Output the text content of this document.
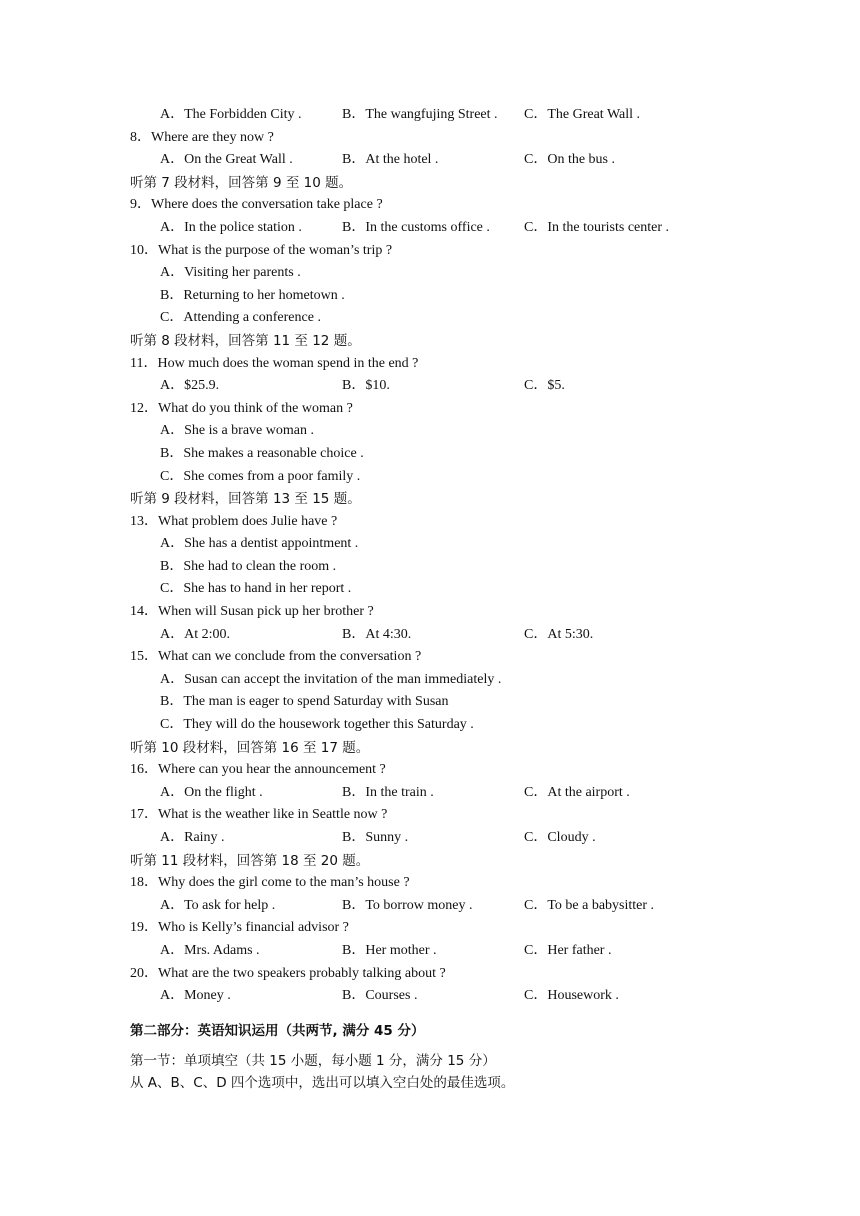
A．The Forbidden City .	B．The wangfujing Street . C．The Great Wall .
8．Where are they now ?
A．On the Great Wall .	B．At the hotel .	C．On the bus .
听第 7 段材料，回答第 9 至 10 题。
9．Where does the conversation take place ?
A．In the police station .	B．In the customs office . C．In the tourists center .
10．What is the purpose of the woman’s trip ?
A．Visiting her parents .
B．Returning to her hometown .
C．Attending a conference .
听第 8 段材料，回答第 11 至 12 题。
11．How much does the woman spend in the end ?
A．$25.9.	B．$10.	C．$5.
12．What do you think of the woman ?
A．She is a brave woman .
B．She makes a reasonable choice .
C．She comes from a poor family .
听第 9 段材料，回答第 13 至 15 题。
13．What problem does Julie have ?
A．She has a dentist appointment .
B．She had to clean the room .
C．She has to hand in her report .
14．When will Susan pick up her brother ?
A．At 2:00.	B．At 4:30.	C．At 5:30.
15．What can we conclude from the conversation ?
A．Susan can accept the invitation of the man immediately .
B．The man is eager to spend Saturday with Susan
C．They will do the housework together this Saturday .
听第 10 段材料，回答第 16 至 17 题。
16．Where can you hear the announcement ?
A．On the flight .	B．In the train .	C．At the airport .
17．What is the weather like in Seattle now ?
A．Rainy .	B．Sunny .	C．Cloudy .
听第 11 段材料，回答第 18 至 20 题。
18．Why does the girl come to the man’s house ?
A．To ask for help .	B．To borrow money .	C．To be a babysitter .
19．Who is Kelly’s financial advisor ?
A．Mrs. Adams .	B．Her mother .	C．Her father .
20．What are the two speakers probably talking about ?
A．Money .	B．Courses .	C．Housework .
第二部分：英语知识运用（共两节, 满分 45 分）
第一节：单项填空（共 15 小题，每小题 1 分，满分 15 分）
从 A、B、C、D 四个选项中，选出可以填入空白处的最佳选项。
